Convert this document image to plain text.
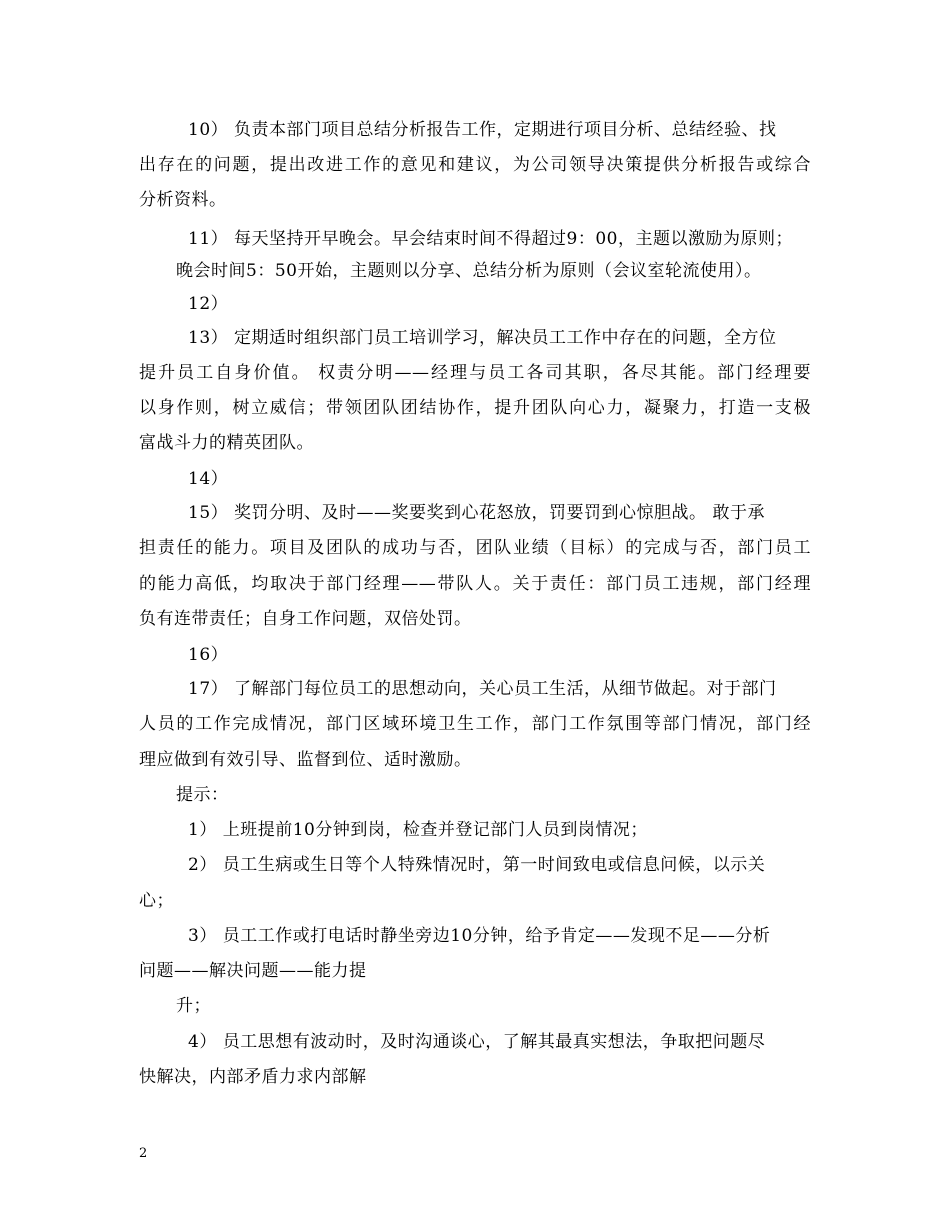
10） 负责本部门项目总结分析报告工作，定期进行项目分析、总结经验、找
出存在的问题，提出改进工作的意见和建议，为公司领导决策提供分析报告或综合
分析资料。
11） 每天坚持开早晚会。早会结束时间不得超过9：00，主题以激励为原则；
晚会时间5：50开始，主题则以分享、总结分析为原则（会议室轮流使用）。
12）
13） 定期适时组织部门员工培训学习，解决员工工作中存在的问题，全方位
提升员工自身价值。 权责分明——经理与员工各司其职，各尽其能。部门经理要
以身作则，树立威信；带领团队团结协作，提升团队向心力，凝聚力，打造一支极
富战斗力的精英团队。
14）
15） 奖罚分明、及时——奖要奖到心花怒放，罚要罚到心惊胆战。 敢于承
担责任的能力。项目及团队的成功与否，团队业绩（目标）的完成与否，部门员工
的能力高低，均取决于部门经理——带队人。关于责任：部门员工违规，部门经理
负有连带责任；自身工作问题，双倍处罚。
16）
17） 了解部门每位员工的思想动向，关心员工生活，从细节做起。对于部门
人员的工作完成情况，部门区域环境卫生工作，部门工作氛围等部门情况，部门经
理应做到有效引导、监督到位、适时激励。
提示：
1） 上班提前10分钟到岗，检查并登记部门人员到岗情况；
2） 员工生病或生日等个人特殊情况时，第一时间致电或信息问候，以示关
心；
3） 员工工作或打电话时静坐旁边10分钟，给予肯定——发现不足——分析
问题——解决问题——能力提
升；
4） 员工思想有波动时，及时沟通谈心，了解其最真实想法，争取把问题尽
快解决，内部矛盾力求内部解
2
